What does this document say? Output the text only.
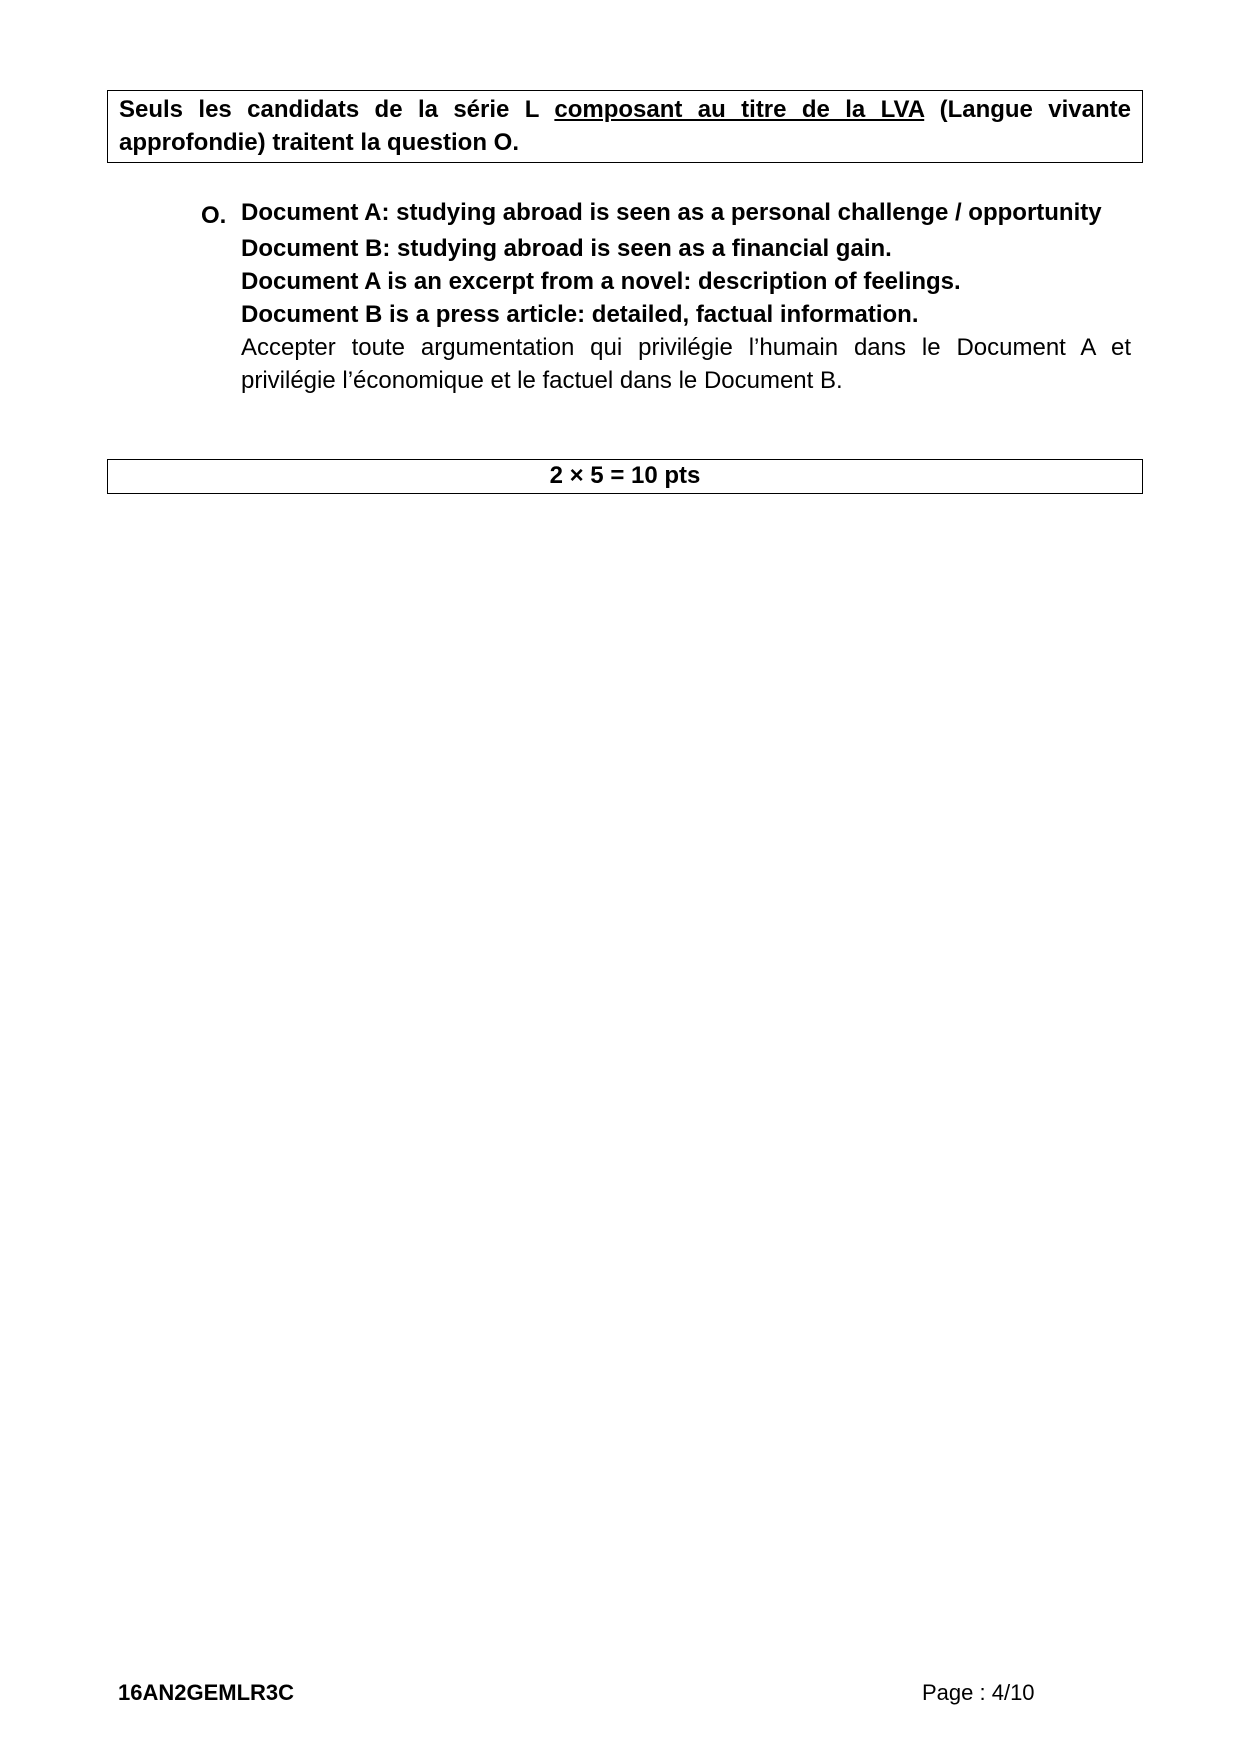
Seuls les candidats de la série L composant au titre de la LVA (Langue vivante approfondie) traitent la question O.
O. Document A: studying abroad is seen as a personal challenge / opportunity
Document B: studying abroad is seen as a financial gain.
Document A is an excerpt from a novel: description of feelings.
Document B is a press article: detailed, factual information.
Accepter toute argumentation qui privilégie l’humain dans le Document A et privilégie l’économique et le factuel dans le Document B.
2 × 5 = 10 pts
16AN2GEMLR3C	Page : 4/10
